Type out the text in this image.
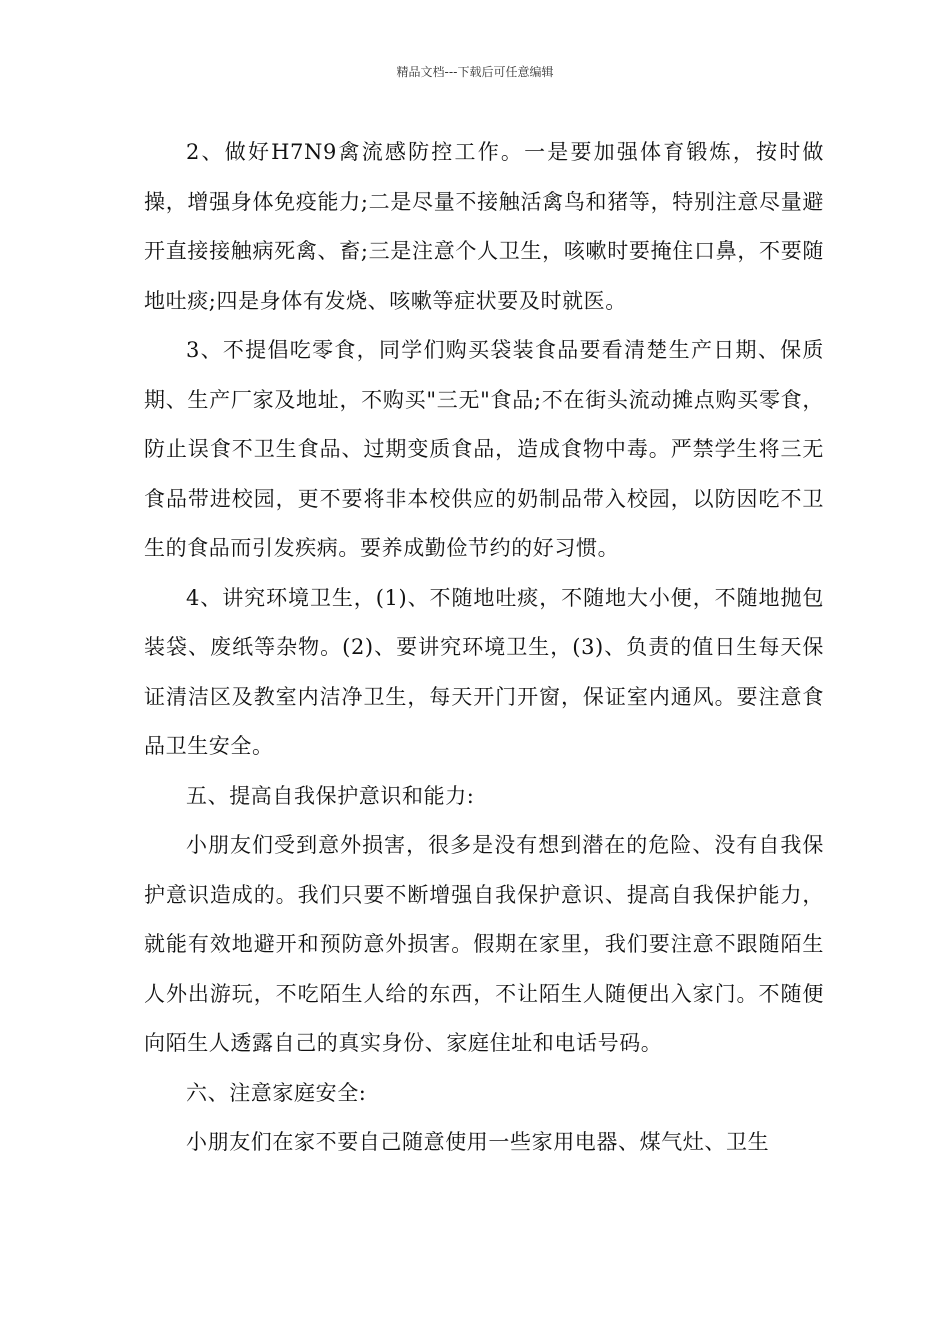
精品文档---下载后可任意编辑

2、做好H7N9禽流感防控工作。一是要加强体育锻炼，按时做操，增强身体免疫能力;二是尽量不接触活禽鸟和猪等，特别注意尽量避开直接接触病死禽、畜;三是注意个人卫生，咳嗽时要掩住口鼻，不要随地吐痰;四是身体有发烧、咳嗽等症状要及时就医。

3、不提倡吃零食，同学们购买袋装食品要看清楚生产日期、保质期、生产厂家及地址，不购买"三无"食品;不在街头流动摊点购买零食，防止误食不卫生食品、过期变质食品，造成食物中毒。严禁学生将三无食品带进校园，更不要将非本校供应的奶制品带入校园，以防因吃不卫生的食品而引发疾病。要养成勤俭节约的好习惯。

4、讲究环境卫生，(1)、不随地吐痰，不随地大小便，不随地抛包装袋、废纸等杂物。(2)、要讲究环境卫生，(3)、负责的值日生每天保证清洁区及教室内洁净卫生，每天开门开窗，保证室内通风。要注意食品卫生安全。

五、提高自我保护意识和能力:

小朋友们受到意外损害，很多是没有想到潜在的危险、没有自我保护意识造成的。我们只要不断增强自我保护意识、提高自我保护能力，就能有效地避开和预防意外损害。假期在家里，我们要注意不跟随陌生人外出游玩，不吃陌生人给的东西，不让陌生人随便出入家门。不随便向陌生人透露自己的真实身份、家庭住址和电话号码。

六、注意家庭安全:

小朋友们在家不要自己随意使用一些家用电器、煤气灶、卫生
